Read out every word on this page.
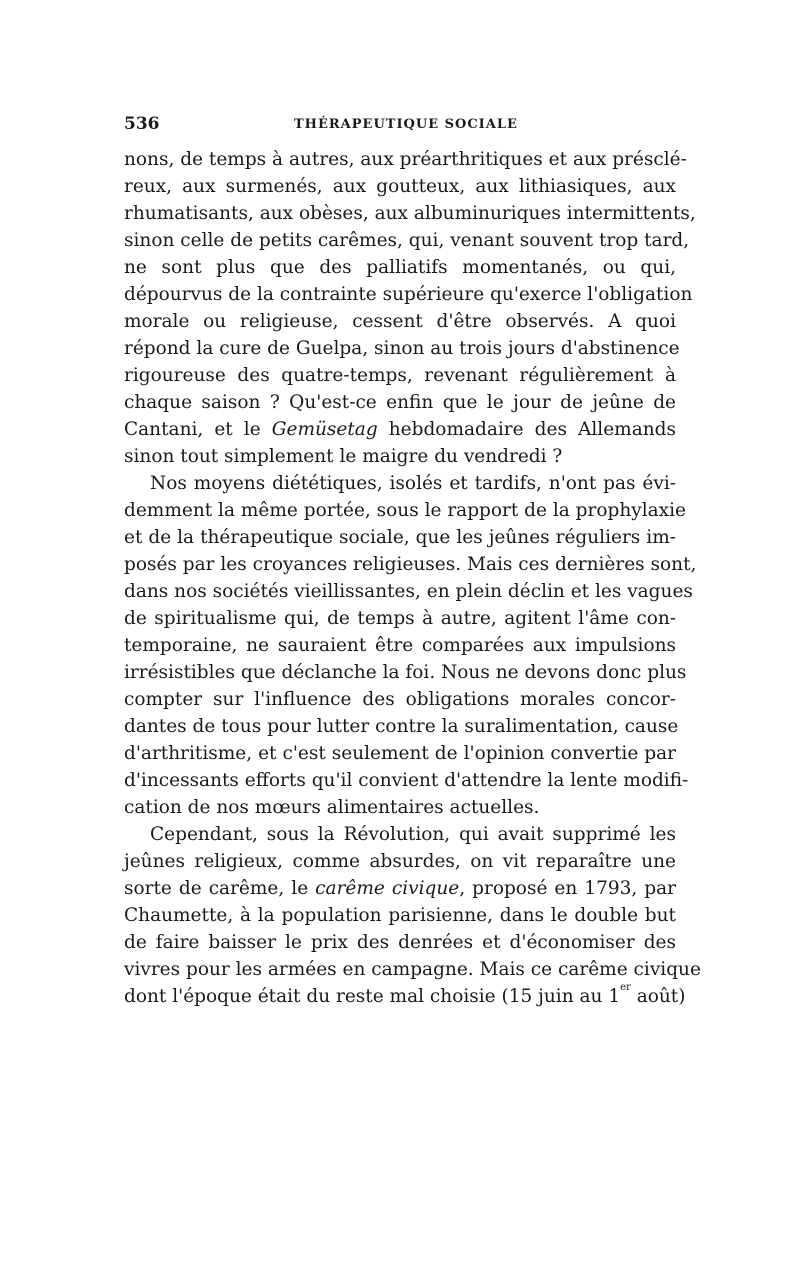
536	THÉRAPEUTIQUE SOCIALE
nons, de temps à autres, aux préarthritiques et aux présclé-
reux, aux surmenés, aux goutteux, aux lithiasiques, aux
rhumatisants, aux obèses, aux albuminuriques intermittents,
sinon celle de petits carêmes, qui, venant souvent trop tard,
ne sont plus que des palliatifs momentanés, ou qui,
dépourvus de la contrainte supérieure qu'exerce l'obligation
morale ou religieuse, cessent d'être observés. A quoi
répond la cure de Guelpa, sinon au trois jours d'abstinence
rigoureuse des quatre-temps, revenant régulièrement à
chaque saison ? Qu'est-ce enfin que le jour de jeûne de
Cantani, et le Gemüsetag hebdomadaire des Allemands
sinon tout simplement le maigre du vendredi ?
Nos moyens diététiques, isolés et tardifs, n'ont pas évi-
demment la même portée, sous le rapport de la prophylaxie
et de la thérapeutique sociale, que les jeûnes réguliers im-
posés par les croyances religieuses. Mais ces dernières sont,
dans nos sociétés vieillissantes, en plein déclin et les vagues
de spiritualisme qui, de temps à autre, agitent l'âme con-
temporaine, ne sauraient être comparées aux impulsions
irrésistibles que déclanche la foi. Nous ne devons donc plus
compter sur l'influence des obligations morales concor-
dantes de tous pour lutter contre la suralimentation, cause
d'arthritisme, et c'est seulement de l'opinion convertie par
d'incessants efforts qu'il convient d'attendre la lente modifi-
cation de nos mœurs alimentaires actuelles.
Cependant, sous la Révolution, qui avait supprimé les
jeûnes religieux, comme absurdes, on vit reparaître une
sorte de carême, le carême civique, proposé en 1793, par
Chaumette, à la population parisienne, dans le double but
de faire baisser le prix des denrées et d'économiser des
vivres pour les armées en campagne. Mais ce carême civique
dont l'époque était du reste mal choisie (15 juin au 1er août)
